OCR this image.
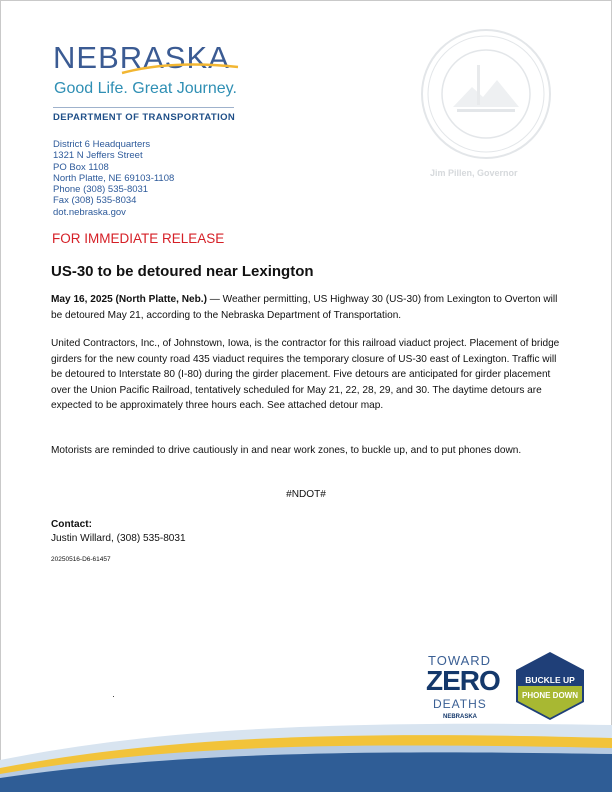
NEBRASKA
Good Life. Great Journey.
DEPARTMENT OF TRANSPORTATION
Jim Pillen, Governor
District 6 Headquarters
1321 N Jeffers Street
PO Box 1108
North Platte, NE 69103-1108
Phone (308) 535-8031
Fax (308) 535-8034
dot.nebraska.gov
FOR IMMEDIATE RELEASE
US-30 to be detoured near Lexington
May 16, 2025 (North Platte, Neb.) — Weather permitting, US Highway 30 (US-30) from Lexington to Overton will be detoured May 21, according to the Nebraska Department of Transportation.
United Contractors, Inc., of Johnstown, Iowa, is the contractor for this railroad viaduct project. Placement of bridge girders for the new county road 435 viaduct requires the temporary closure of US-30 east of Lexington. Traffic will be detoured to Interstate 80 (I-80) during the girder placement. Five detours are anticipated for girder placement over the Union Pacific Railroad, tentatively scheduled for May 21, 22, 28, 29, and 30. The daytime detours are expected to be approximately three hours each. See attached detour map.
Motorists are reminded to drive cautiously in and near work zones, to buckle up, and to put phones down.
#NDOT#
Contact:
Justin Willard, (308) 535-8031
20250516-D6-61457
TOWARD
ZERO
DEATHS
NEBRASKA
BUCKLE UP
PHONE DOWN
